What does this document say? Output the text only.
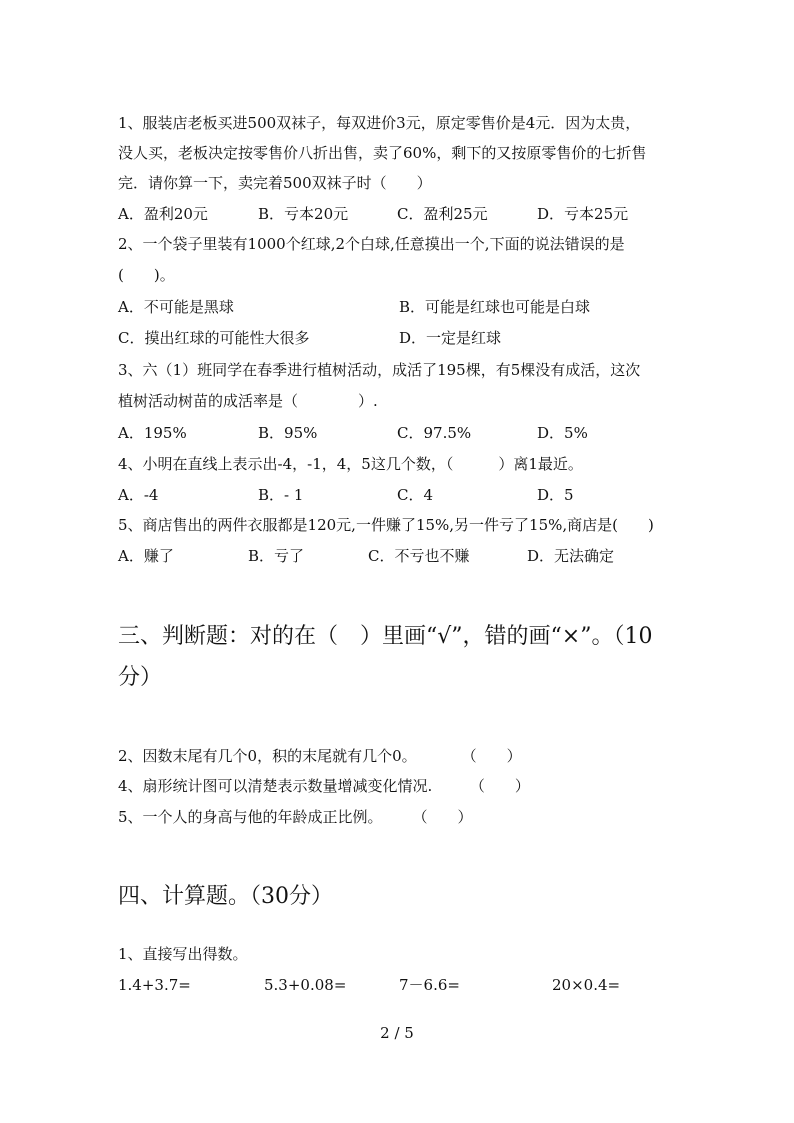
1、服装店老板买进500双袜子，每双进价3元，原定零售价是4元．因为太贵，
没人买，老板决定按零售价八折出售，卖了60%，剩下的又按原零售价的七折售
完．请你算一下，卖完着500双袜子时（　　）
A．盈利20元	B．亏本20元	C．盈利25元	D．亏本25元
2、一个袋子里装有1000个红球,2个白球,任意摸出一个,下面的说法错误的是
(　　)。
A．不可能是黑球	B．可能是红球也可能是白球
C．摸出红球的可能性大很多	D．一定是红球
3、六（1）班同学在春季进行植树活动，成活了195棵，有5棵没有成活，这次
植树活动树苗的成活率是（　　　　）.
A．195%	B．95%	C．97.5%	D．5%
4、小明在直线上表示出-4，-1，4，5这几个数，（　　　）离1最近。
A．-4	B．- 1	C．4	D．5
5、商店售出的两件衣服都是120元,一件赚了15%,另一件亏了15%,商店是(　　)
A．赚了	B．亏了	C．不亏也不赚	D．无法确定
三、判断题：对的在（　）里画“√”，错的画“×”。（10
分）
2、因数末尾有几个0，积的末尾就有几个0。　　　　（　　）
4、扇形统计图可以清楚表示数量增减变化情况.　　　（　　）
5、一个人的身高与他的年龄成正比例。　　　（　　）
四、计算题。（30分）
1、直接写出得数。
1.4+3.7=	5.3+0.08=	7－6.6=	20×0.4=
2 / 5
